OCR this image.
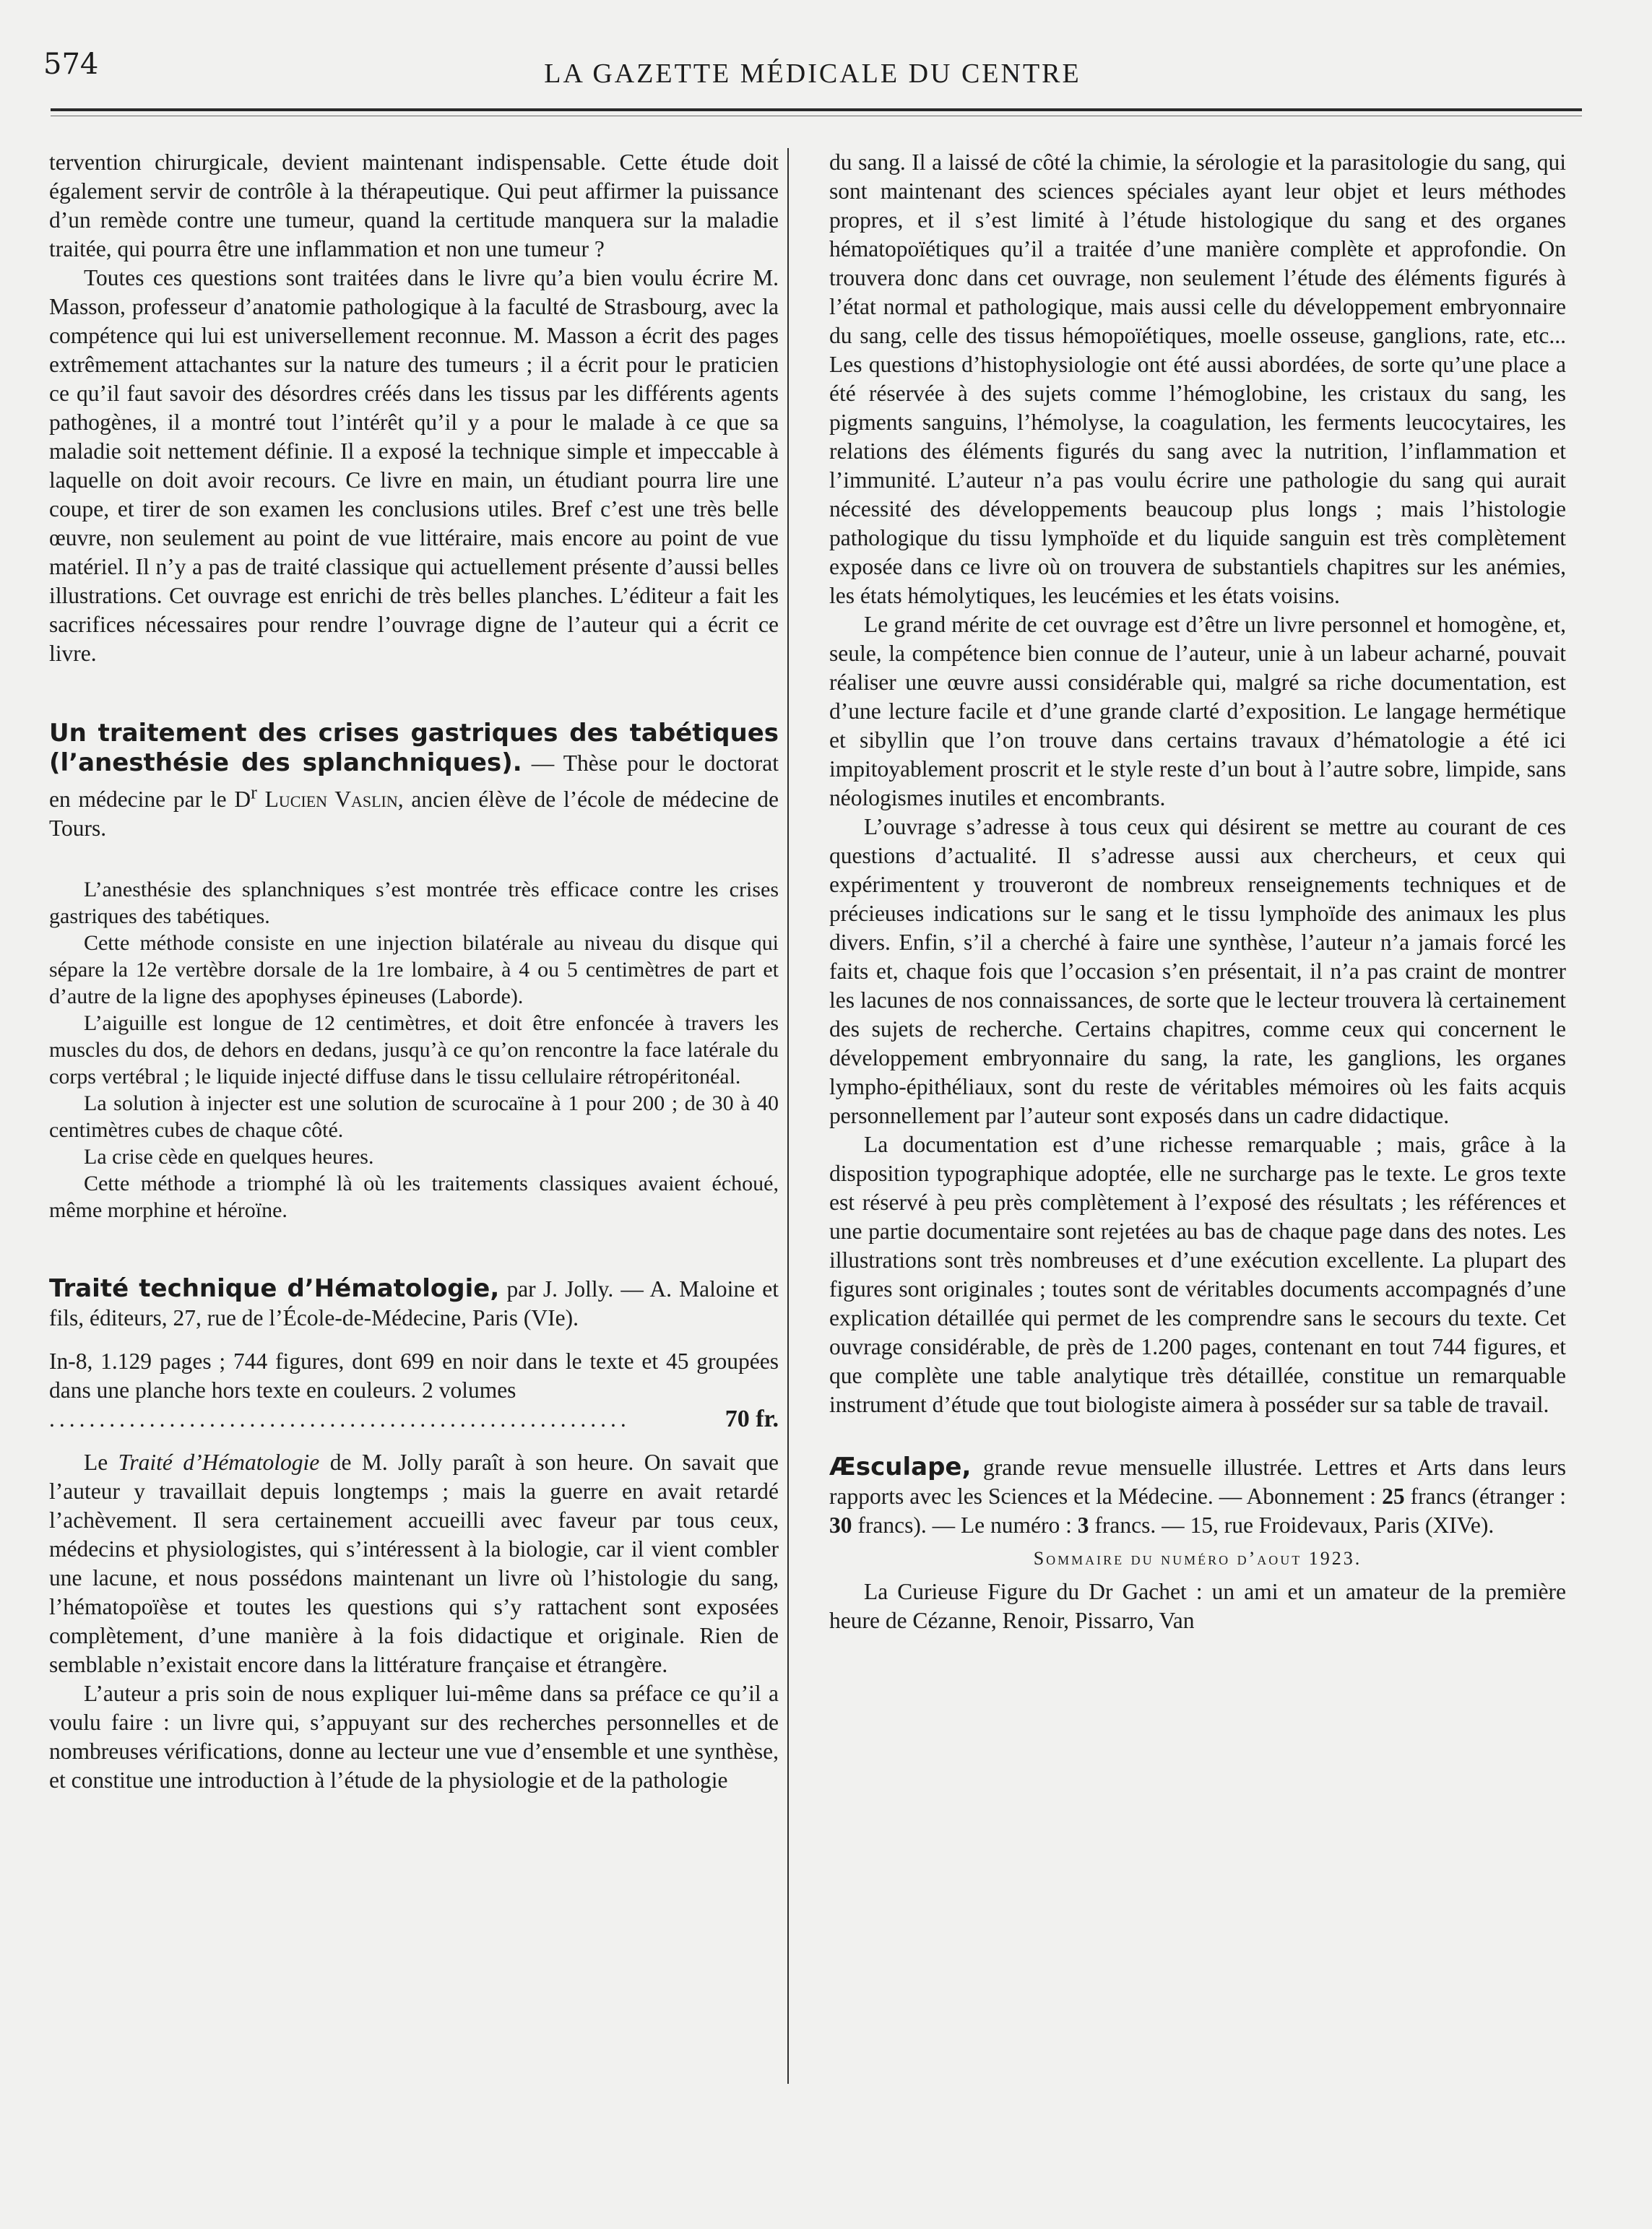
574	LA GAZETTE MÉDICALE DU CENTRE

tervention chirurgicale, devient maintenant indispensable. Cette étude doit également servir de contrôle à la thérapeutique. Qui peut affirmer la puissance d’un remède contre une tumeur, quand la certitude manquera sur la maladie traitée, qui pourra être une inflammation et non une tumeur ?

Toutes ces questions sont traitées dans le livre qu’a bien voulu écrire M. Masson, professeur d’anatomie pathologique à la faculté de Strasbourg, avec la compétence qui lui est universellement reconnue. M. Masson a écrit des pages extrêmement attachantes sur la nature des tumeurs ; il a écrit pour le praticien ce qu’il faut savoir des désordres créés dans les tissus par les différents agents pathogènes, il a montré tout l’intérêt qu’il y a pour le malade à ce que sa maladie soit nettement définie. Il a exposé la technique simple et impeccable à laquelle on doit avoir recours. Ce livre en main, un étudiant pourra lire une coupe, et tirer de son examen les conclusions utiles. Bref c’est une très belle œuvre, non seulement au point de vue littéraire, mais encore au point de vue matériel. Il n’y a pas de traité classique qui actuellement présente d’aussi belles illustrations. Cet ouvrage est enrichi de très belles planches. L’éditeur a fait les sacrifices nécessaires pour rendre l’ouvrage digne de l’auteur qui a écrit ce livre.

Un traitement des crises gastriques des tabétiques (l’anesthésie des splanchniques). — Thèse pour le doctorat en médecine par le $D^r$ Lucien Vaslin, ancien élève de l’école de médecine de Tours.

L’anesthésie des splanchniques s’est montrée très efficace contre les crises gastriques des tabétiques.

Cette méthode consiste en une injection bilatérale au niveau du disque qui sépare la 12e vertèbre dorsale de la 1re lombaire, à 4 ou 5 centimètres de part et d’autre de la ligne des apophyses épineuses (Laborde).

L’aiguille est longue de 12 centimètres, et doit être enfoncée à travers les muscles du dos, de dehors en dedans, jusqu’à ce qu’on rencontre la face latérale du corps vertébral ; le liquide injecté diffuse dans le tissu cellulaire rétropéritonéal.

La solution à injecter est une solution de scurocaïne à 1 pour 200 ; de 30 à 40 centimètres cubes de chaque côté.

La crise cède en quelques heures.

Cette méthode a triomphé là où les traitements classiques avaient échoué, même morphine et héroïne.

Traité technique d’Hématologie, par J. Jolly. — A. Maloine et fils, éditeurs, 27, rue de l’École-de-Médecine, Paris (VIe).

In-8, 1.129 pages ; 744 figures, dont 699 en noir dans le texte et 45 groupées dans une planche hors texte en couleurs. 2 volumes

..........................................................	70 fr.

Le Traité d’Hématologie de M. Jolly paraît à son heure. On savait que l’auteur y travaillait depuis longtemps ; mais la guerre en avait retardé l’achèvement. Il sera certainement accueilli avec faveur par tous ceux, médecins et physiologistes, qui s’intéressent à la biologie, car il vient combler une lacune, et nous possédons maintenant un livre où l’histologie du sang, l’hématopoïèse et toutes les questions qui s’y rattachent sont exposées complètement, d’une manière à la fois didactique et originale. Rien de semblable n’existait encore dans la littérature française et étrangère.

L’auteur a pris soin de nous expliquer lui-même dans sa préface ce qu’il a voulu faire : un livre qui, s’appuyant sur des recherches personnelles et de nombreuses vérifications, donne au lecteur une vue d’ensemble et une synthèse, et constitue une introduction à l’étude de la physiologie et de la pathologie

du sang. Il a laissé de côté la chimie, la sérologie et la parasitologie du sang, qui sont maintenant des sciences spéciales ayant leur objet et leurs méthodes propres, et il s’est limité à l’étude histologique du sang et des organes hématopoïétiques qu’il a traitée d’une manière complète et approfondie. On trouvera donc dans cet ouvrage, non seulement l’étude des éléments figurés à l’état normal et pathologique, mais aussi celle du développement embryonnaire du sang, celle des tissus hémopoïétiques, moelle osseuse, ganglions, rate, etc... Les questions d’histophysiologie ont été aussi abordées, de sorte qu’une place a été réservée à des sujets comme l’hémoglobine, les cristaux du sang, les pigments sanguins, l’hémolyse, la coagulation, les ferments leucocytaires, les relations des éléments figurés du sang avec la nutrition, l’inflammation et l’immunité. L’auteur n’a pas voulu écrire une pathologie du sang qui aurait nécessité des développements beaucoup plus longs ; mais l’histologie pathologique du tissu lymphoïde et du liquide sanguin est très complètement exposée dans ce livre où on trouvera de substantiels chapitres sur les anémies, les états hémolytiques, les leucémies et les états voisins.

Le grand mérite de cet ouvrage est d’être un livre personnel et homogène, et, seule, la compétence bien connue de l’auteur, unie à un labeur acharné, pouvait réaliser une œuvre aussi considérable qui, malgré sa riche documentation, est d’une lecture facile et d’une grande clarté d’exposition. Le langage hermétique et sibyllin que l’on trouve dans certains travaux d’hématologie a été ici impitoyablement proscrit et le style reste d’un bout à l’autre sobre, limpide, sans néologismes inutiles et encombrants.

L’ouvrage s’adresse à tous ceux qui désirent se mettre au courant de ces questions d’actualité. Il s’adresse aussi aux chercheurs, et ceux qui expérimentent y trouveront de nombreux renseignements techniques et de précieuses indications sur le sang et le tissu lymphoïde des animaux les plus divers. Enfin, s’il a cherché à faire une synthèse, l’auteur n’a jamais forcé les faits et, chaque fois que l’occasion s’en présentait, il n’a pas craint de montrer les lacunes de nos connaissances, de sorte que le lecteur trouvera là certainement des sujets de recherche. Certains chapitres, comme ceux qui concernent le développement embryonnaire du sang, la rate, les ganglions, les organes lympho-épithéliaux, sont du reste de véritables mémoires où les faits acquis personnellement par l’auteur sont exposés dans un cadre didactique.

La documentation est d’une richesse remarquable ; mais, grâce à la disposition typographique adoptée, elle ne surcharge pas le texte. Le gros texte est réservé à peu près complètement à l’exposé des résultats ; les références et une partie documentaire sont rejetées au bas de chaque page dans des notes. Les illustrations sont très nombreuses et d’une exécution excellente. La plupart des figures sont originales ; toutes sont de véritables documents accompagnés d’une explication détaillée qui permet de les comprendre sans le secours du texte. Cet ouvrage considérable, de près de 1.200 pages, contenant en tout 744 figures, et que complète une table analytique très détaillée, constitue un remarquable instrument d’étude que tout biologiste aimera à posséder sur sa table de travail.

Æsculape, grande revue mensuelle illustrée. Lettres et Arts dans leurs rapports avec les Sciences et la Médecine. — Abonnement : 25 francs (étranger : 30 francs). — Le numéro : 3 francs. — 15, rue Froidevaux, Paris (XIVe).

Sommaire du numéro d’aout 1923.

La Curieuse Figure du Dr Gachet : un ami et un amateur de la première heure de Cézanne, Renoir, Pissarro, Van
